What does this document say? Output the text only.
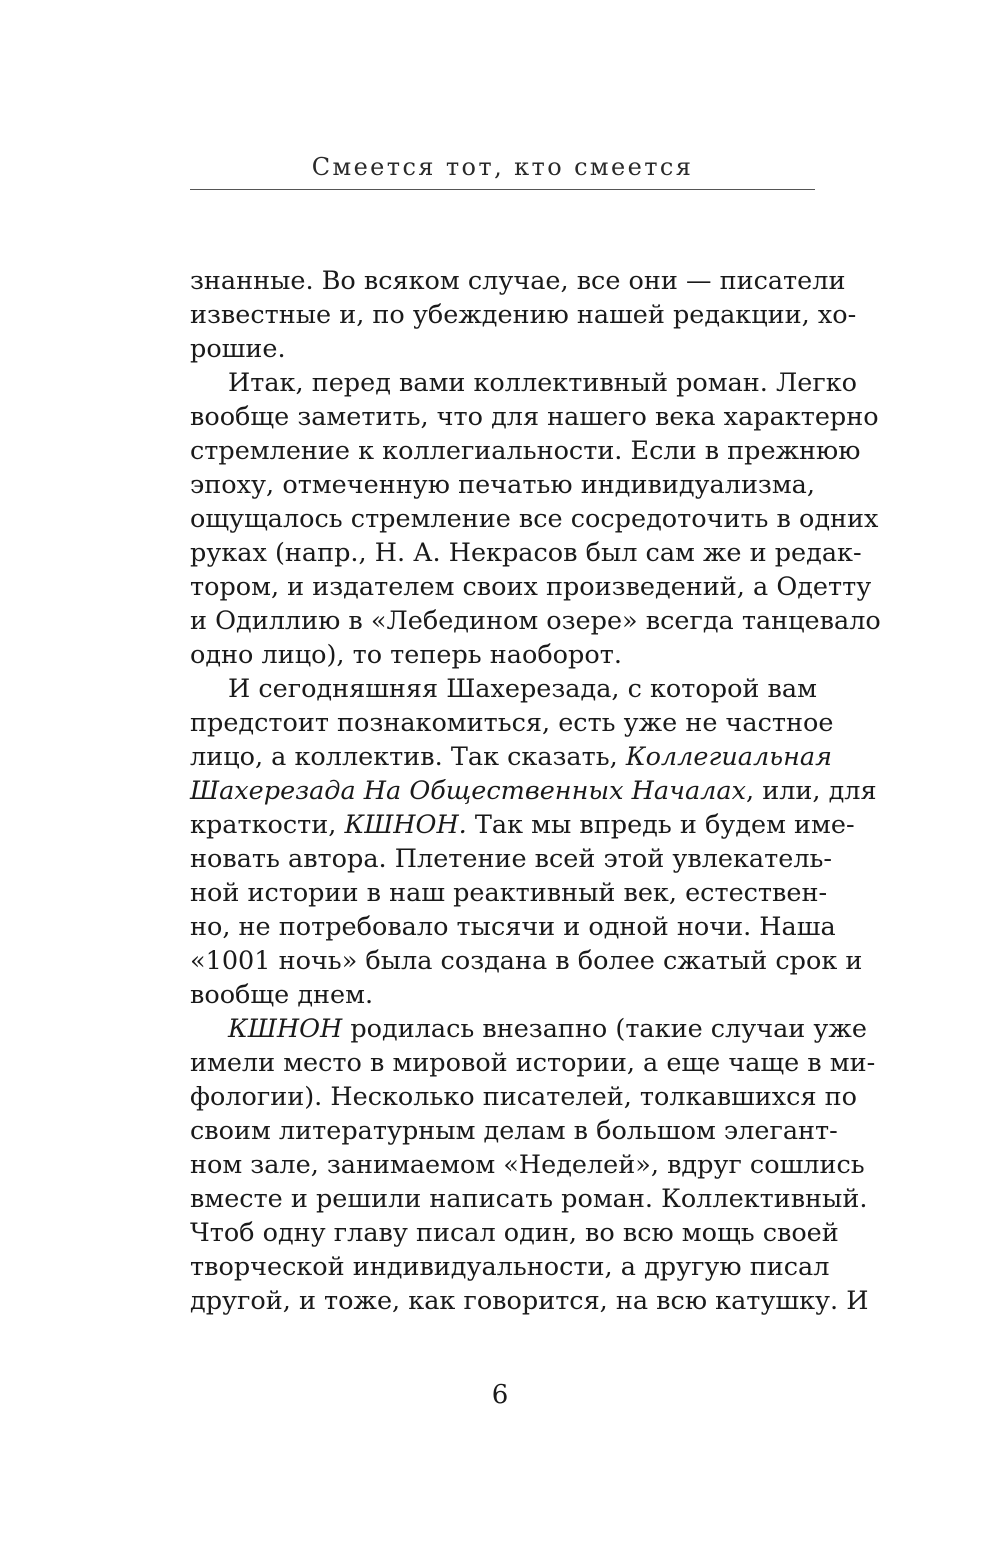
Смеется тот, кто смеется
знанные. Во всяком случае, все они — писатели
известные и, по убеждению нашей редакции, хо-
рошие.
Итак, перед вами коллективный роман. Легко
вообще заметить, что для нашего века характерно
стремление к коллегиальности. Если в прежнюю
эпоху, отмеченную печатью индивидуализма,
ощущалось стремление все сосредоточить в одних
руках (напр., Н. А. Некрасов был сам же и редак-
тором, и издателем своих произведений, а Одетту
и Одиллию в «Лебедином озере» всегда танцевало
одно лицо), то теперь наоборот.
И сегодняшняя Шахерезада, с которой вам
предстоит познакомиться, есть уже не частное
лицо, а коллектив. Так сказать, Коллегиальная
Шахерезада На Общественных Началах, или, для
краткости, КШНОН. Так мы впредь и будем име-
новать автора. Плетение всей этой увлекатель-
ной истории в наш реактивный век, естествен-
но, не потребовало тысячи и одной ночи. Наша
«1001 ночь» была создана в более сжатый срок и
вообще днем.
КШНОН родилась внезапно (такие случаи уже
имели место в мировой истории, а еще чаще в ми-
фологии). Несколько писателей, толкавшихся по
своим литературным делам в большом элегант-
ном зале, занимаемом «Неделей», вдруг сошлись
вместе и решили написать роман. Коллективный.
Чтоб одну главу писал один, во всю мощь своей
творческой индивидуальности, а другую писал
другой, и тоже, как говорится, на всю катушку. И
6
